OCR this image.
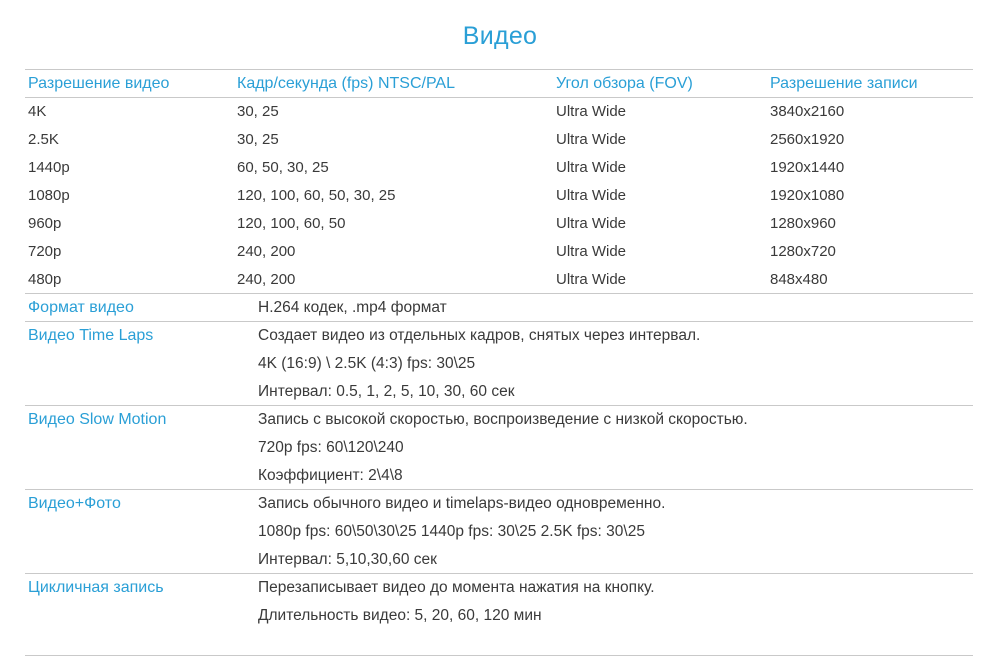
Видео
Разрешение видео	Кадр/секунда (fps) NTSC/PAL	Угол обзора (FOV)	Разрешение записи
4K	30, 25	Ultra Wide	3840x2160
2.5K	30, 25	Ultra Wide	2560x1920
1440p	60, 50, 30, 25	Ultra Wide	1920x1440
1080p	120, 100, 60, 50, 30, 25	Ultra Wide	1920x1080
960p	120, 100, 60, 50	Ultra Wide	1280x960
720p	240, 200	Ultra Wide	1280x720
480p	240, 200	Ultra Wide	848x480
Формат видео	H.264 кодек, .mp4 формат
Видео Time Laps	Создает видео из отдельных кадров, снятых через интервал.
4K (16:9) \ 2.5K (4:3) fps: 30\25
Интервал: 0.5, 1, 2, 5, 10, 30, 60 сек
Видео Slow Motion	Запись с высокой скоростью, воспроизведение с низкой скоростью.
720p fps: 60\120\240
Коэффициент: 2\4\8
Видео+Фото	Запись обычного видео и timelaps-видео одновременно.
1080p fps: 60\50\30\25 1440p fps: 30\25 2.5K fps: 30\25
Интервал: 5,10,30,60 сек
Цикличная запись	Перезаписывает видео до момента нажатия на кнопку.
Длительность видео: 5, 20, 60, 120 мин
